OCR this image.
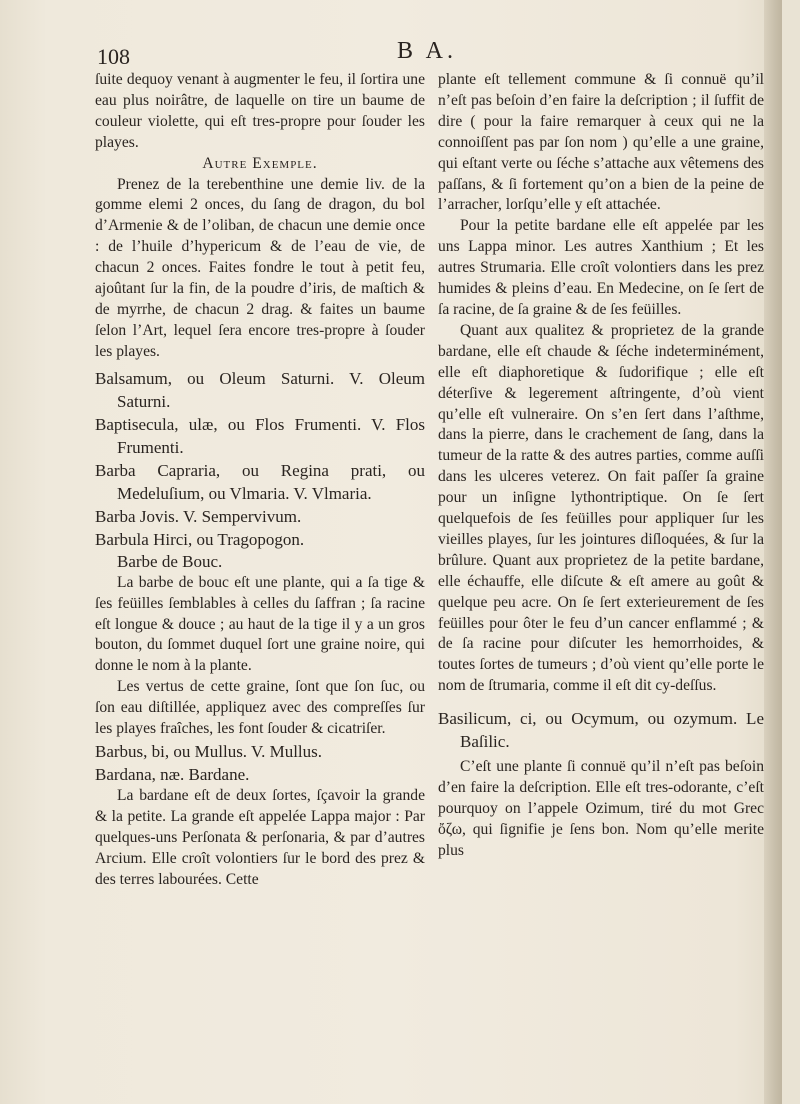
108	B A.

ſuite dequoy venant à augmenter le feu, il ſortira une eau plus noirâtre, de laquelle on tire un baume de couleur violette, qui eſt tres-propre pour ſouder les playes.

Autre Exemple.

Prenez de la terebenthine une demie liv. de la gomme elemi 2 onces, du ſang de dragon, du bol d’Armenie & de l’oliban, de chacun une demie once : de l’huile d’hypericum & de l’eau de vie, de chacun 2 onces. Faites fondre le tout à petit feu, ajoûtant ſur la fin, de la poudre d’iris, de maſtich & de myrrhe, de chacun 2 drag. & faites un baume ſelon l’Art, lequel ſera encore tres-propre à ſouder les playes.

Balsamum, ou Oleum Saturni. V. Oleum Saturni.

Baptisecula, ulæ, ou Flos Frumenti. V. Flos Frumenti.

Barba Capraria, ou Regina prati, ou Medeluſium, ou Vlmaria. V. Vlmaria.

Barba Jovis. V. Sempervivum.

Barbula Hirci, ou Tragopogon.

Barbe de Bouc.

La barbe de bouc eſt une plante, qui a ſa tige & ſes feüilles ſemblables à celles du ſaffran ; ſa racine eſt longue & douce ; au haut de la tige il y a un gros bouton, du ſommet duquel ſort une graine noire, qui donne le nom à la plante.

Les vertus de cette graine, ſont que ſon ſuc, ou ſon eau diſtillée, appliquez avec des compreſſes ſur les playes fraîches, les font ſouder & cicatriſer.

Barbus, bi, ou Mullus. V. Mullus.

Bardana, næ. Bardane.

La bardane eſt de deux ſortes, ſçavoir la grande & la petite. La grande eſt appelée Lappa major : Par quelques-uns Perſonata & perſonaria, & par d’autres Arcium. Elle croît volontiers ſur le bord des prez & des terres labourées. Cette

plante eſt tellement commune & ſi connuë qu’il n’eſt pas beſoin d’en faire la deſcription ; il ſuffit de dire ( pour la faire remarquer à ceux qui ne la connoiſſent pas par ſon nom ) qu’elle a une graine, qui eſtant verte ou ſéche s’attache aux vêtemens des paſſans, & ſi fortement qu’on a bien de la peine de l’arracher, lorſqu’elle y eſt attachée.

Pour la petite bardane elle eſt appelée par les uns Lappa minor. Les autres Xanthium ; Et les autres Strumaria. Elle croît volontiers dans les prez humides & pleins d’eau. En Medecine, on ſe ſert de ſa racine, de ſa graine & de ſes feüilles.

Quant aux qualitez & proprietez de la grande bardane, elle eſt chaude & ſéche indeterminément, elle eſt diaphoretique & ſudorifique ; elle eſt déterſive & legerement aſtringente, d’où vient qu’elle eſt vulneraire. On s’en ſert dans l’aſthme, dans la pierre, dans le crachement de ſang, dans la tumeur de la ratte & des autres parties, comme auſſi dans les ulceres veterez. On fait paſſer ſa graine pour un inſigne lythontriptique. On ſe ſert quelquefois de ſes feüilles pour appliquer ſur les vieilles playes, ſur les jointures diſloquées, & ſur la brûlure. Quant aux proprietez de la petite bardane, elle échauffe, elle diſcute & eſt amere au goût & quelque peu acre. On ſe ſert exterieurement de ſes feüilles pour ôter le feu d’un cancer enflammé ; & de ſa racine pour diſcuter les hemorrhoides, & toutes ſortes de tumeurs ; d’où vient qu’elle porte le nom de ſtrumaria, comme il eſt dit cy-deſſus.

Basilicum, ci, ou Ocymum, ou ozymum. Le Baſilic.

C’eſt une plante ſi connuë qu’il n’eſt pas beſoin d’en faire la deſcription. Elle eſt tres-odorante, c’eſt pourquoy on l’appele Ozimum, tiré du mot Grec ὄζω, qui ſignifie je ſens bon. Nom qu’elle merite plus
